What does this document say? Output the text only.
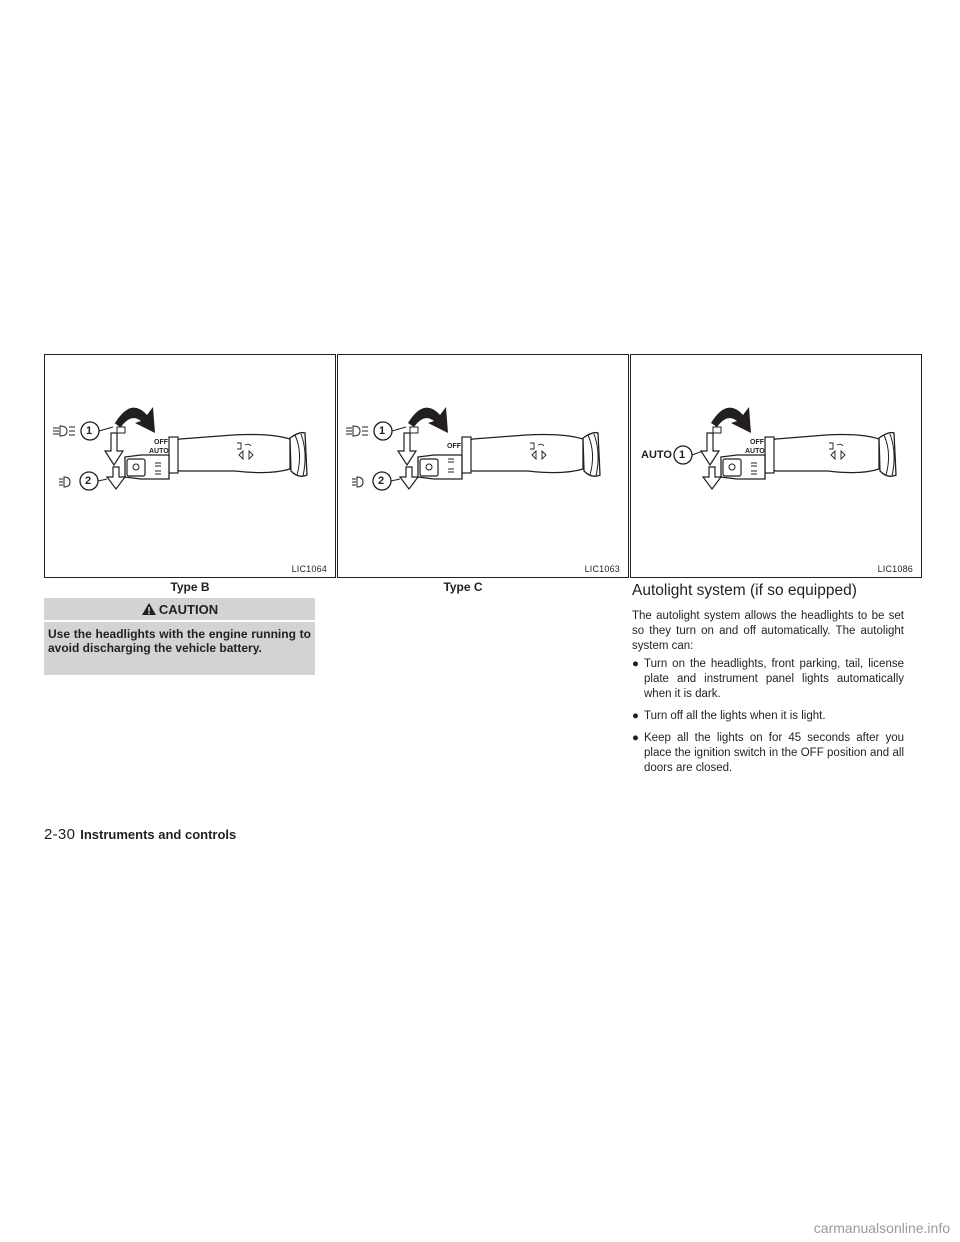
1
2
OFF
AUTO
LIC1064
Type B
1
2
OFF
LIC1063
Type C
AUTO 1
OFF
AUTO
LIC1086
CAUTION
Use the headlights with the engine running to avoid discharging the vehicle battery.
Autolight system (if so equipped)
The autolight system allows the headlights to be set so they turn on and off automatically. The autolight system can:
● Turn on the headlights, front parking, tail, license plate and instrument panel lights automatically when it is dark.
● Turn off all the lights when it is light.
● Keep all the lights on for 45 seconds after you place the ignition switch in the OFF position and all doors are closed.
2-30 Instruments and controls
carmanualsonline.info
